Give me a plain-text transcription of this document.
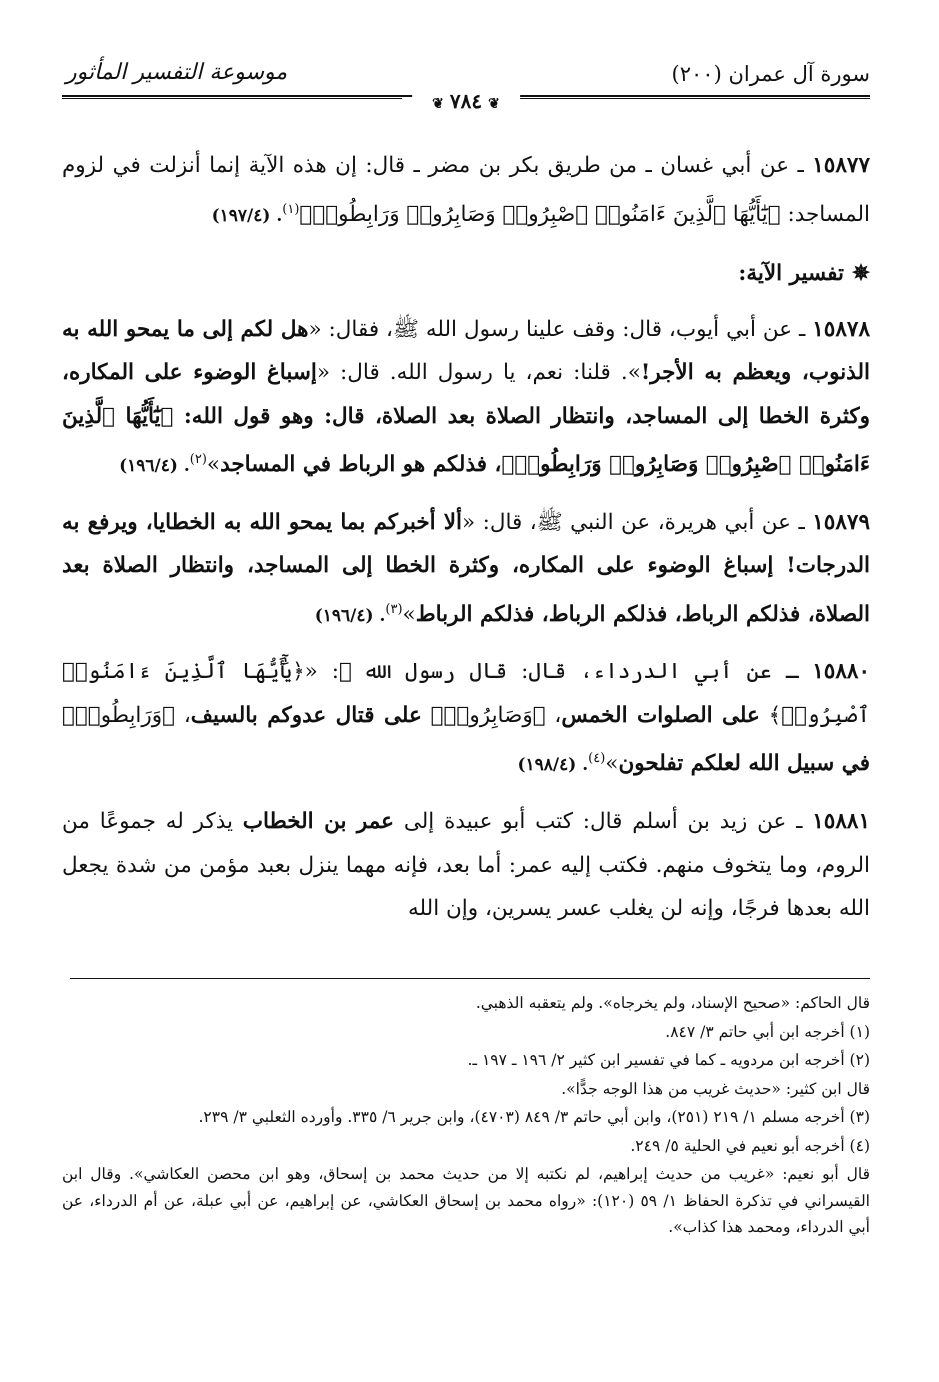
سورة آل عمران (٢٠٠)
موسوعة التفسير المأثور
❦٧٨٤❦

١٥٨٧٧ ـ عن أبي غسان ـ من طريق بكر بن مضر ـ قال: إن هذه الآية إنما أنزلت في لزوم المساجد: ﴿يَٰٓأَيُّهَا ٱلَّذِينَ ءَامَنُوا۟ ٱصْبِرُوا۟ وَصَابِرُوا۟ وَرَابِطُوا۟﴾$^{(١)}$. (١٩٧/٤)

✵تفسير الآية:

١٥٨٧٨ ـ عن أبي أيوب، قال: وقف علينا رسول الله ﷺ، فقال: «هل لكم إلى ما يمحو الله به الذنوب، ويعظم به الأجر!». قلنا: نعم، يا رسول الله. قال: «إسباغ الوضوء على المكاره، وكثرة الخطا إلى المساجد، وانتظار الصلاة بعد الصلاة، قال: وهو قول الله: ﴿يَٰٓأَيُّهَا ٱلَّذِينَ ءَامَنُوا۟ ٱصْبِرُوا۟ وَصَابِرُوا۟ وَرَابِطُوا۟﴾، فذلكم هو الرباط في المساجد»$^{(٢)}$. (١٩٦/٤)

١٥٨٧٩ ـ عن أبي هريرة، عن النبي ﷺ، قال: «ألا أخبركم بما يمحو الله به الخطايا، ويرفع به الدرجات! إسباغ الوضوء على المكاره، وكثرة الخطا إلى المساجد، وانتظار الصلاة بعد الصلاة، فذلكم الرباط، فذلكم الرباط، فذلكم الرباط»$^{(٣)}$. (١٩٦/٤)

١٥٨٨٠ ـ عن أبي الدرداء، قال: قال رسول الله ﷺ: «﴿يَٰٓأَيُّهَا ٱلَّذِينَ ءَامَنُوا۟ ٱصْبِرُوا۟﴾ على الصلوات الخمس، ﴿وَصَابِرُوا۟﴾ على قتال عدوكم بالسيف، ﴿وَرَابِطُوا۟﴾ في سبيل الله لعلكم تفلحون»$^{(٤)}$. (١٩٨/٤)

١٥٨٨١ ـ عن زيد بن أسلم قال: كتب أبو عبيدة إلى عمر بن الخطاب يذكر له جموعًا من الروم، وما يتخوف منهم. فكتب إليه عمر: أما بعد، فإنه مهما ينزل بعبد مؤمن من شدة يجعل الله بعدها فرجًا، وإنه لن يغلب عسر يسرين، وإن الله

قال الحاكم: «صحيح الإسناد، ولم يخرجاه». ولم يتعقبه الذهبي.

(١) أخرجه ابن أبي حاتم ٣/ ٨٤٧.

(٢) أخرجه ابن مردويه ـ كما في تفسير ابن كثير ٢/ ١٩٦ ـ ١٩٧ ـ.

قال ابن كثير: «حديث غريب من هذا الوجه جدًّا».

(٣) أخرجه مسلم ١/ ٢١٩ (٢٥١)، وابن أبي حاتم ٣/ ٨٤٩ (٤٧٠٣)، وابن جرير ٦/ ٣٣٥. وأورده الثعلبي ٣/ ٢٣٩.

(٤) أخرجه أبو نعيم في الحلية ٥/ ٢٤٩.

قال أبو نعيم: «غريب من حديث إبراهيم، لم نكتبه إلا من حديث محمد بن إسحاق، وهو ابن محصن العكاشي». وقال ابن القيسراني في تذكرة الحفاظ ١/ ٥٩ (١٢٠): «رواه محمد بن إسحاق العكاشي، عن إبراهيم، عن أبي عبلة، عن أم الدرداء، عن أبي الدرداء، ومحمد هذا كذاب».
